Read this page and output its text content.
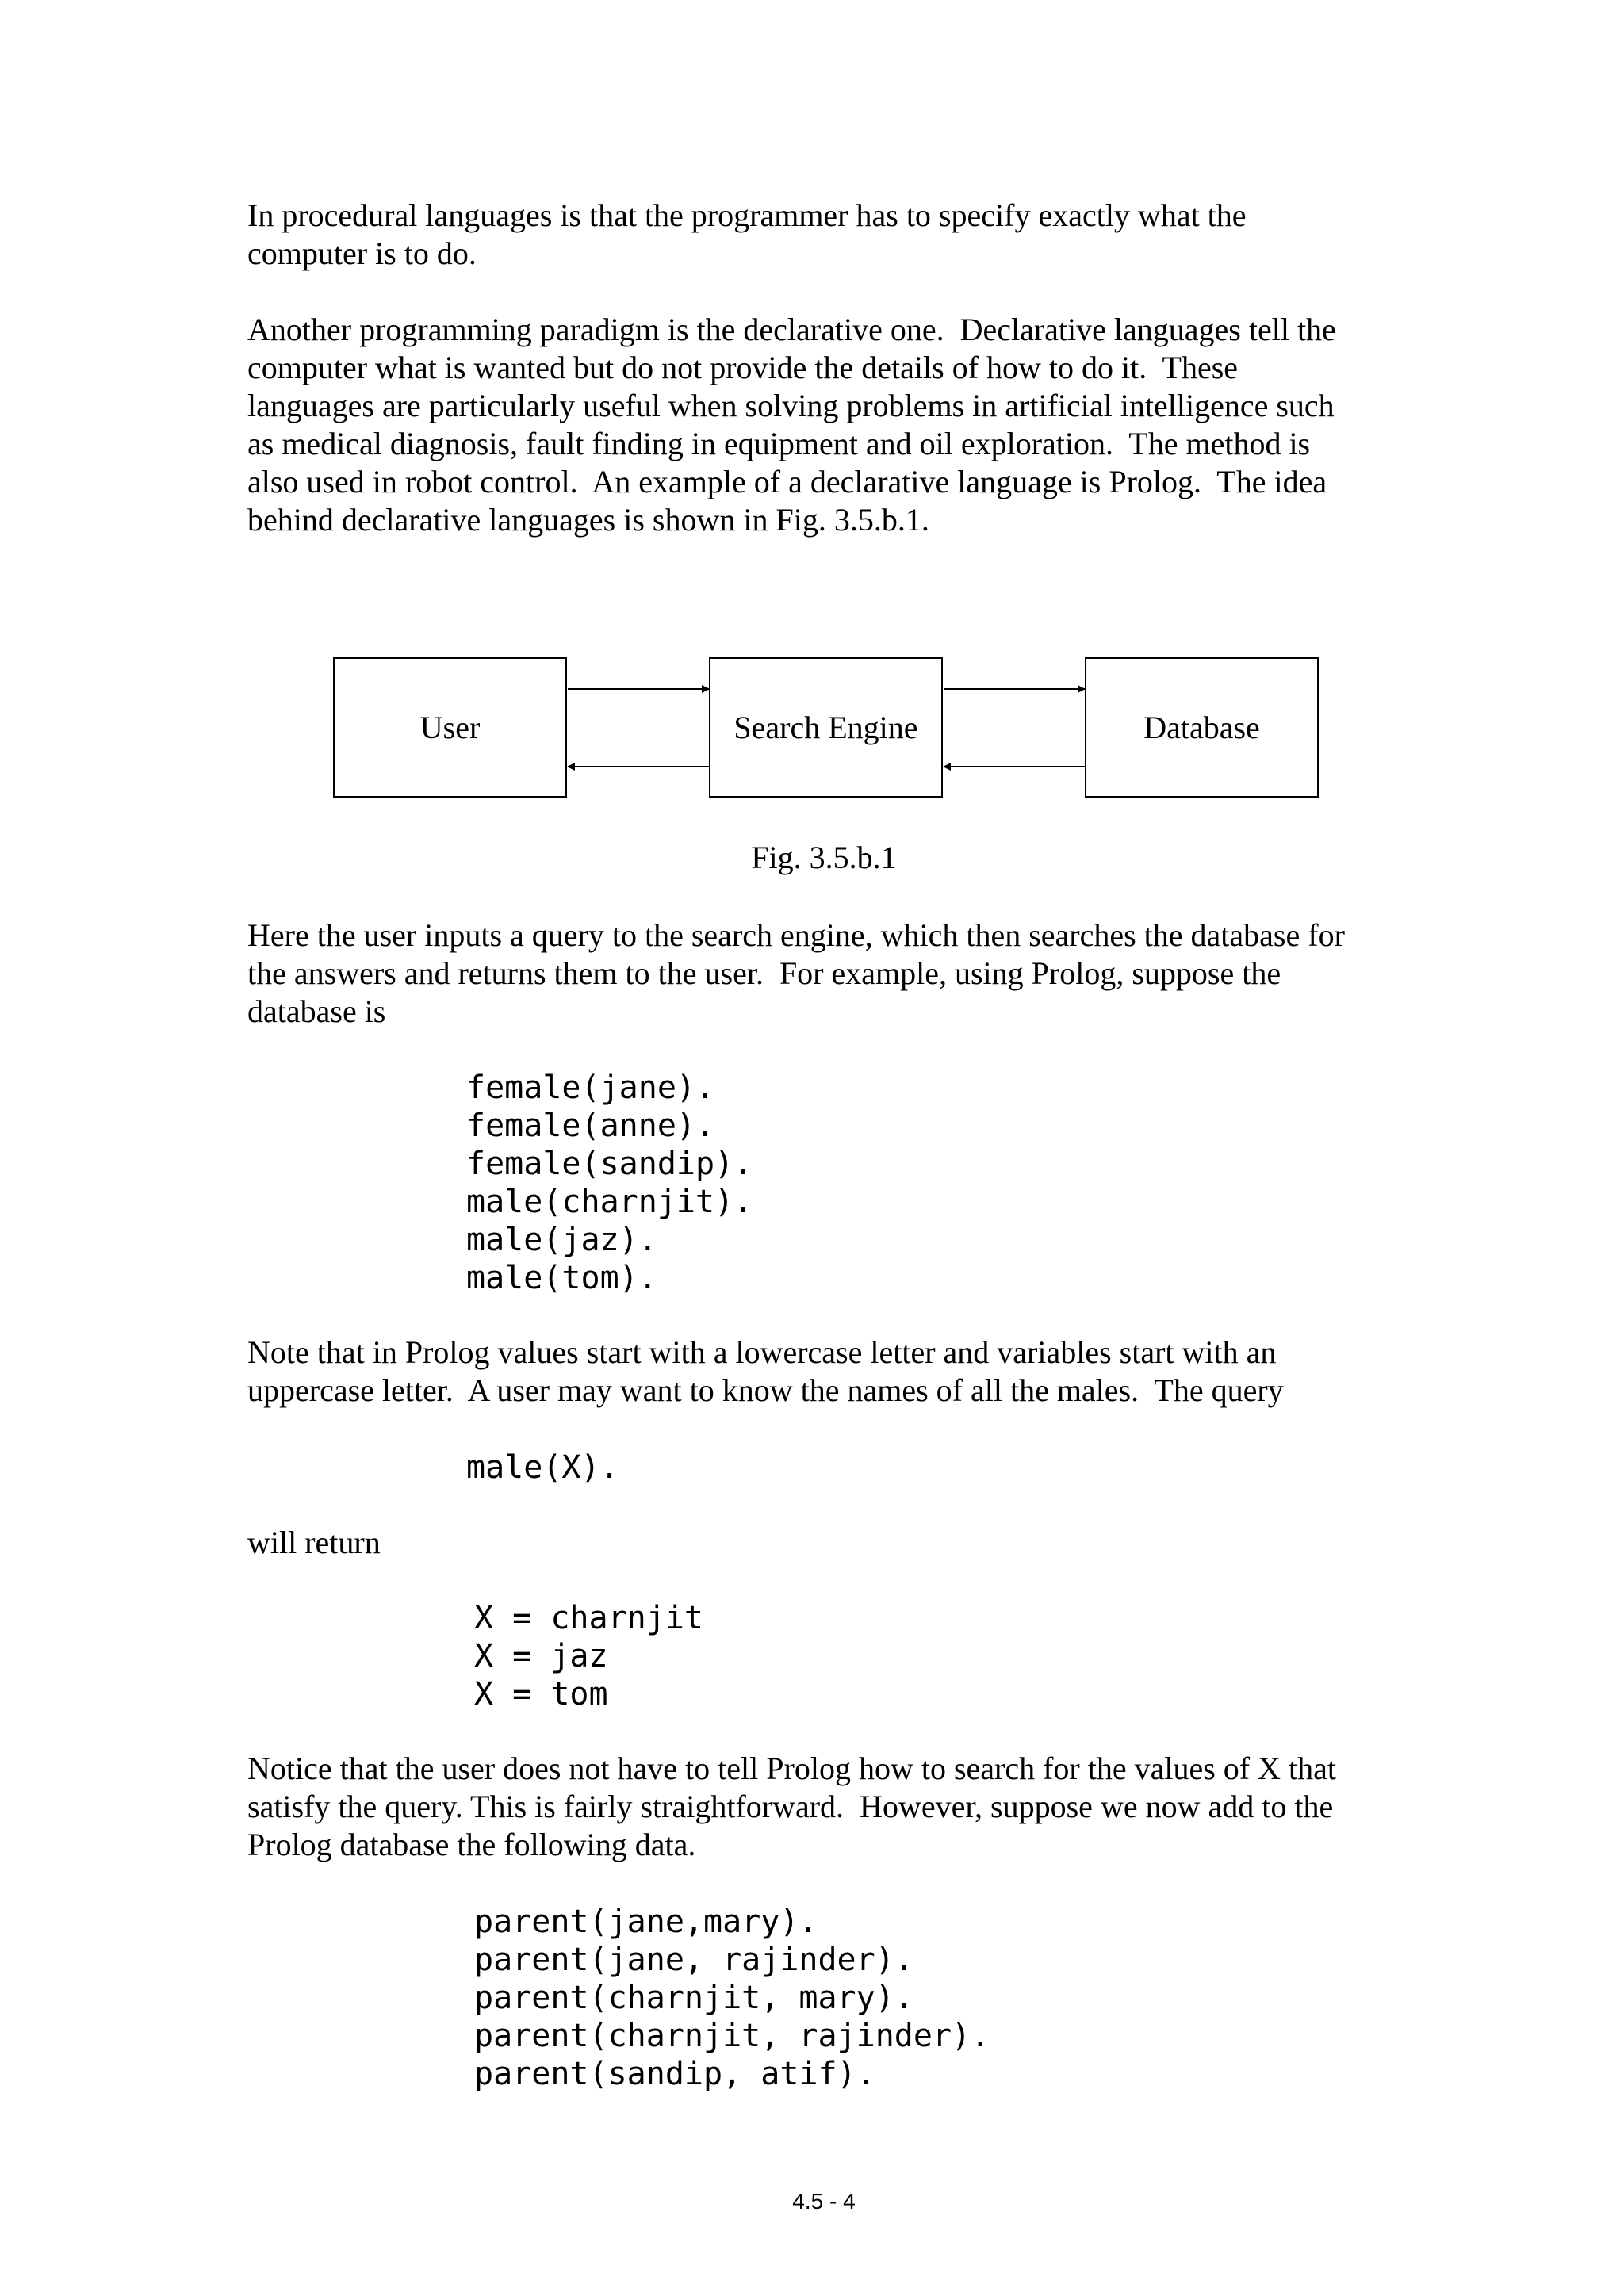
In procedural languages is that the programmer has to specify exactly what the
computer is to do.

Another programming paradigm is the declarative one.  Declarative languages tell the
computer what is wanted but do not provide the details of how to do it.  These
languages are particularly useful when solving problems in artificial intelligence such
as medical diagnosis, fault finding in equipment and oil exploration.  The method is
also used in robot control.  An example of a declarative language is Prolog.  The idea
behind declarative languages is shown in Fig. 3.5.b.1.

User	Search Engine	Database

Fig. 3.5.b.1

Here the user inputs a query to the search engine, which then searches the database for
the answers and returns them to the user.  For example, using Prolog, suppose the
database is

female(jane).
female(anne).
female(sandip).
male(charnjit).
male(jaz).
male(tom).

Note that in Prolog values start with a lowercase letter and variables start with an
uppercase letter.  A user may want to know the names of all the males.  The query

male(X).

will return

X = charnjit
X = jaz
X = tom

Notice that the user does not have to tell Prolog how to search for the values of X that
satisfy the query. This is fairly straightforward.  However, suppose we now add to the
Prolog database the following data.

parent(jane,mary).
parent(jane, rajinder).
parent(charnjit, mary).
parent(charnjit, rajinder).
parent(sandip, atif).
4.5 - 4
